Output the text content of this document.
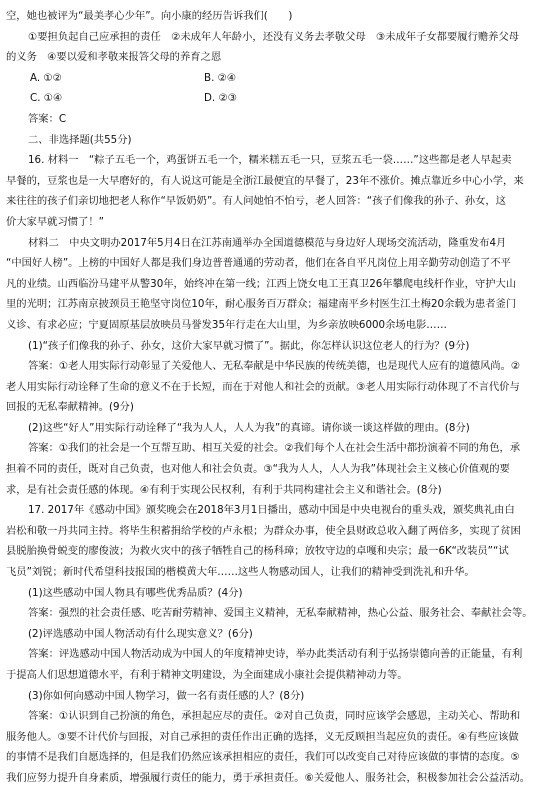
空，她也被评为“最美孝心少年”。向小康的经历告诉我们(　　)

①要担负起自己应承担的责任　②未成年人年龄小，还没有义务去孝敬父母　③未成年子女都要履行赡养父母

的义务　④要以爱和孝敬来报答父母的养育之恩

A. ①②	B. ②④
C. ①④	D. ②③

答案：C

二、非选择题(共55分)

16. 材料一　“粽子五毛一个，鸡蛋饼五毛一个，糯米糕五毛一只，豆浆五毛一袋……”这些都是老人早起卖

早餐的，豆浆也是一大早磨好的，有人说这可能是全浙江最便宜的早餐了，23年不涨价。摊点靠近乡中心小学，来

来往往的孩子们亲切地把老人称作“早饭奶奶”。有人问她怕不怕亏，老人回答：“孩子们像我的孙子、孙女，这

价大家早就习惯了！”

材料二　中央文明办2017年5月4日在江苏南通举办全国道德模范与身边好人现场交流活动，隆重发布4月

“中国好人榜”。上榜的中国好人都是我们身边普普通通的劳动者，他们在各自平凡岗位上用辛勤劳动创造了不平

凡的业绩。山西临汾马建平从警30年，始终冲在第一线；江西上饶女电工王真卫26年攀爬电线杆作业，守护大山

里的光明；江苏南京披颈员王艳坚守岗位10年，耐心服务百万群众；福建南平乡村医生江土梅20余载为患者釜门

义诊、有求必应；宁夏固原基层放映员马誉发35年行走在大山里，为乡亲放映6000余场电影……

(1)“孩子们像我的孙子、孙女，这价大家早就习惯了”。据此，你怎样认识这位老人的行为？(9分)

答案：①老人用实际行动彰显了关爱他人、无私奉献是中华民族的传统美德，也是现代人应有的道德风尚。②

老人用实际行动诠释了生命的意义不在于长短，而在于对他人和社会的贡献。③老人用实际行动体现了不言代价与

回报的无私奉献精神。(9分)

(2)这些“好人”用实际行动诠释了“我为人人，人人为我”的真谛。请你谈一谈这样做的理由。(8分)

答案：①我们的社会是一个互帮互助、相互关爱的社会。②我们每个人在社会生活中都扮演着不同的角色，承

担着不同的责任，既对自己负责，也对他人和社会负责。③“我为人人，人人为我”体现社会主义核心价值观的要

求，是有社会责任感的体现。④有利于实现公民权利，有利于共同构建社会主义和谐社会。(8分)

17. 2017年《感动中国》颁奖晚会在2018年3月1日播出，感动中国是中央电视台的重头戏，颁奖典礼由白

岩松和敬一丹共同主持。将毕生积蓄捐给学校的卢永根；为群众办事，使全县财政总收入翻了两倍多，实现了贫困

县脱胎换骨蜕变的廖俊波；为救火灾中的孩子牺牲自己的杨科璋；放牧守边的卓嘎和央宗；最一6K“改装员”“试

飞员”刘锐；新时代希望科技报国的楷模黄大年……这些人物感动国人，让我们的精神受到洗礼和升华。

(1)这些感动中国人物具有哪些优秀品质？(4分)

答案：强烈的社会责任感、吃苦耐劳精神、爱国主义精神，无私奉献精神，热心公益、服务社会、奉献社会等。

(2)评选感动中国人物活动有什么现实意义？(6分)

答案：评选感动中国人物活动成为中国人的年度精神史诗，举办此类活动有利于弘扬崇德向善的正能量，有利

于提高人们思想道德水平，有利于精神文明建设，为全面建成小康社会提供精神动力等。

(3)你如何向感动中国人物学习，做一名有责任感的人？(8分)

答案：①认识到自己扮演的角色，承担起应尽的责任。②对自己负责，同时应该学会感恩，主动关心、帮助和

服务他人。③要不计代价与回报，对自己承担的责任作出正确的选择，义无反顾担当起应负的责任。④有些应该做

的事情不是我们自愿选择的，但是我们仍然应该承担相应的责任，我们可以改变自己对待应该做的事情的态度。⑤

我们应努力提升自身素质，增强履行责任的能力，勇于承担责任。⑥关爱他人、服务社会，积极参加社会公益活动。
